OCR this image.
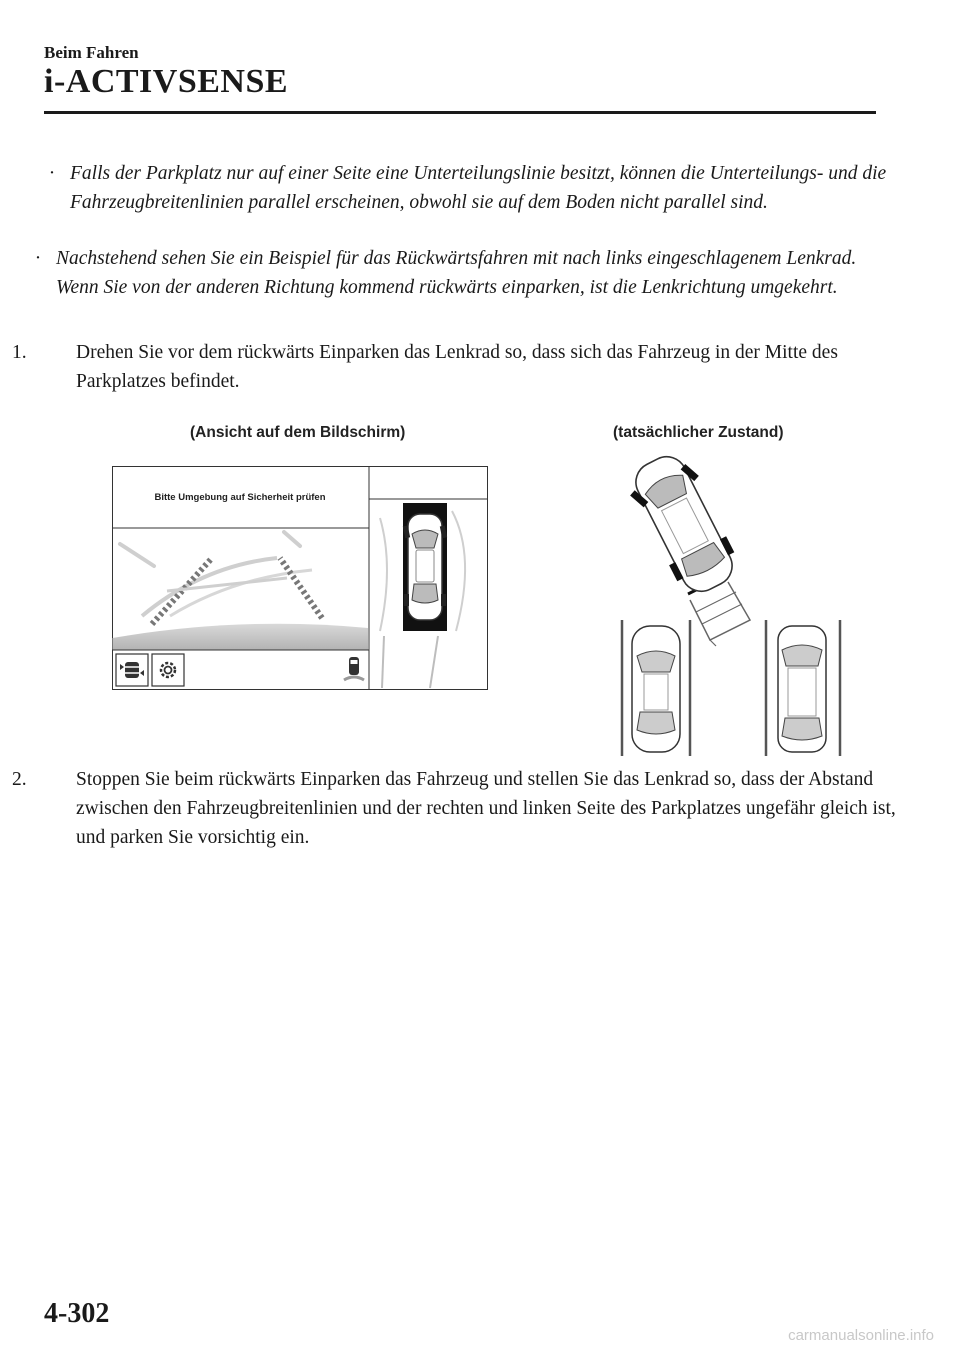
Beim Fahren
i-ACTIVSENSE
· Falls der Parkplatz nur auf einer Seite eine Unterteilungslinie besitzt, können die Unterteilungs- und die Fahrzeugbreitenlinien parallel erscheinen, obwohl sie auf dem Boden nicht parallel sind.
· Nachstehend sehen Sie ein Beispiel für das Rückwärtsfahren mit nach links eingeschlagenem Lenkrad. Wenn Sie von der anderen Richtung kommend rückwärts einparken, ist die Lenkrichtung umgekehrt.
1.	Drehen Sie vor dem rückwärts Einparken das Lenkrad so, dass sich das Fahrzeug in der Mitte des Parkplatzes befindet.
(Ansicht auf dem Bildschirm)	(tatsächlicher Zustand)
Bitte Umgebung auf Sicherheit prüfen
2.	Stoppen Sie beim rückwärts Einparken das Fahrzeug und stellen Sie das Lenkrad so, dass der Abstand zwischen den Fahrzeugbreitenlinien und der rechten und linken Seite des Parkplatzes ungefähr gleich ist, und parken Sie vorsichtig ein.
4-302
carmanualsonline.info
